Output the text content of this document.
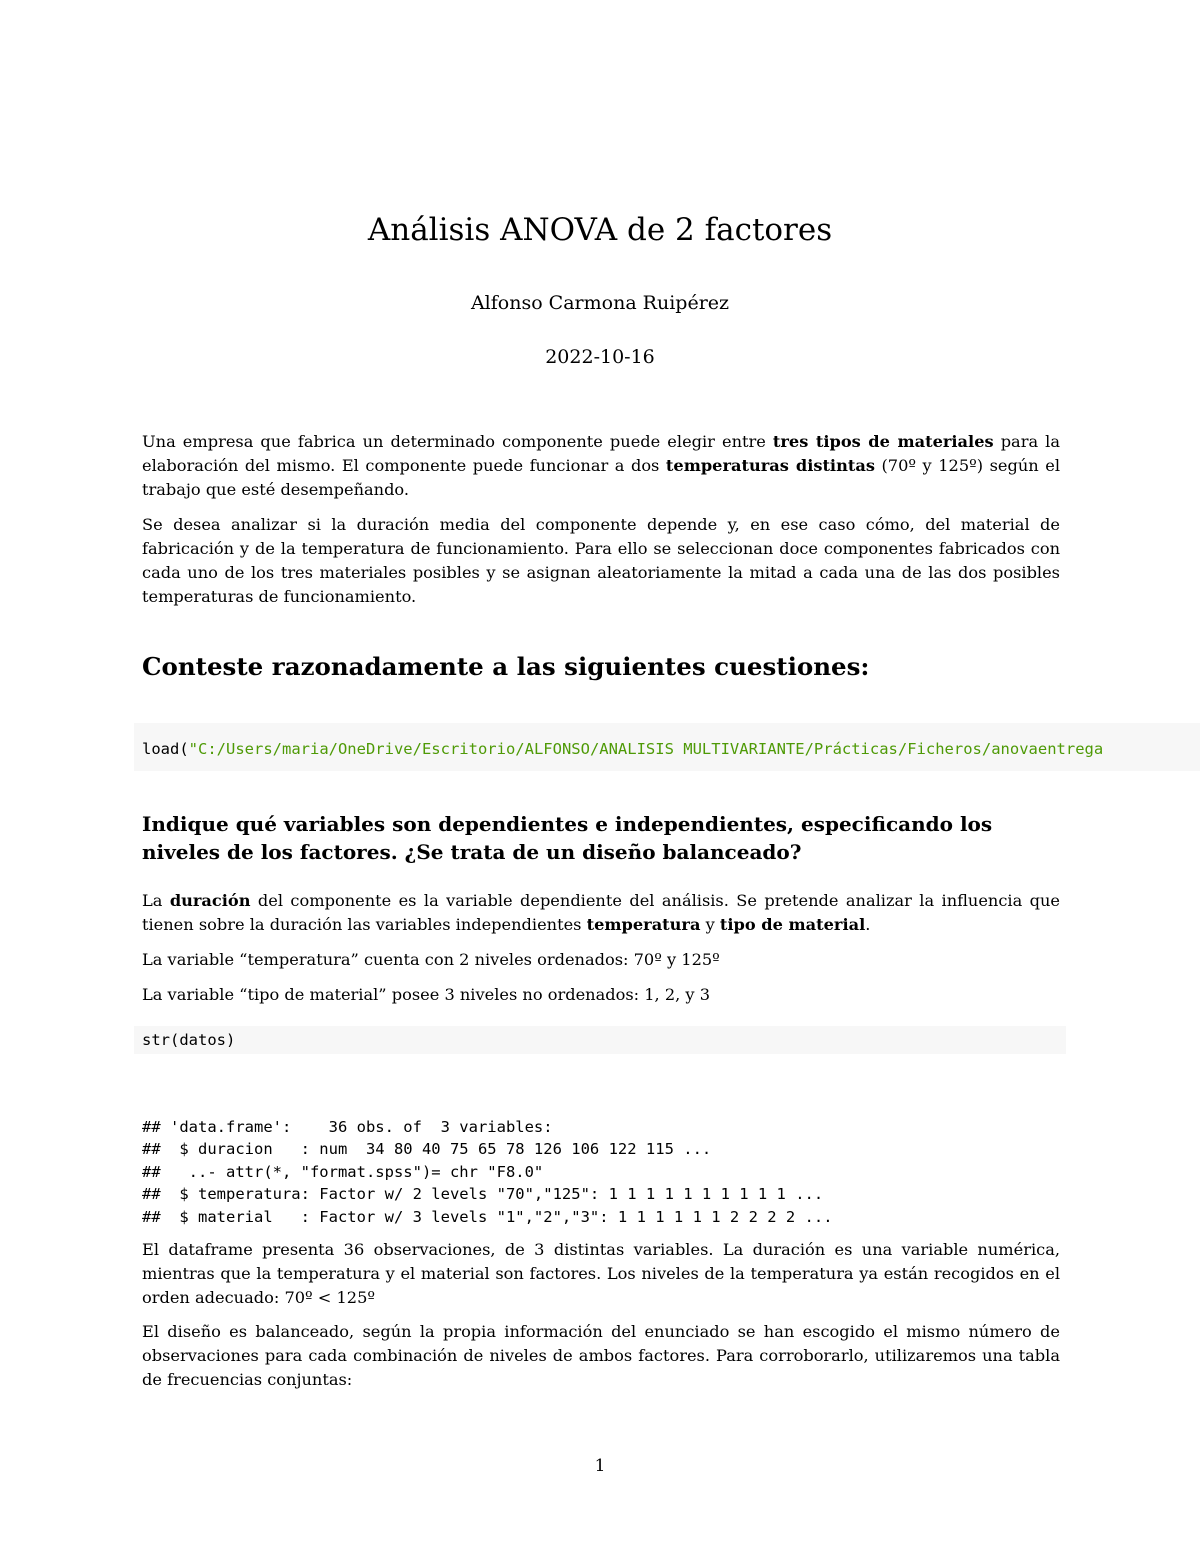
Análisis ANOVA de 2 factores
Alfonso Carmona Ruipérez
2022-10-16
Una empresa que fabrica un determinado componente puede elegir entre tres tipos de materiales para la elaboración del mismo. El componente puede funcionar a dos temperaturas distintas (70º y 125º) según el trabajo que esté desempeñando.
Se desea analizar si la duración media del componente depende y, en ese caso cómo, del material de fabricación y de la temperatura de funcionamiento. Para ello se seleccionan doce componentes fabricados con cada uno de los tres materiales posibles y se asignan aleatoriamente la mitad a cada una de las dos posibles temperaturas de funcionamiento.
Conteste razonadamente a las siguientes cuestiones:
load("C:/Users/maria/OneDrive/Escritorio/ALFONSO/ANALISIS MULTIVARIANTE/Prácticas/Ficheros/anovaentrega
Indique qué variables son dependientes e independientes, especificando los niveles de los factores. ¿Se trata de un diseño balanceado?
La duración del componente es la variable dependiente del análisis. Se pretende analizar la influencia que tienen sobre la duración las variables independientes temperatura y tipo de material.
La variable “temperatura” cuenta con 2 niveles ordenados: 70º y 125º
La variable “tipo de material” posee 3 niveles no ordenados: 1, 2, y 3
str(datos)

## 'data.frame':    36 obs. of  3 variables:
##  $ duracion   : num  34 80 40 75 65 78 126 106 122 115 ...
##   ..- attr(*, "format.spss")= chr "F8.0"
##  $ temperatura: Factor w/ 2 levels "70","125": 1 1 1 1 1 1 1 1 1 1 ...
##  $ material   : Factor w/ 3 levels "1","2","3": 1 1 1 1 1 1 2 2 2 2 ...
El dataframe presenta 36 observaciones, de 3 distintas variables. La duración es una variable numérica, mientras que la temperatura y el material son factores. Los niveles de la temperatura ya están recogidos en el orden adecuado: 70º < 125º
El diseño es balanceado, según la propia información del enunciado se han escogido el mismo número de observaciones para cada combinación de niveles de ambos factores. Para corroborarlo, utilizaremos una tabla de frecuencias conjuntas:
1
